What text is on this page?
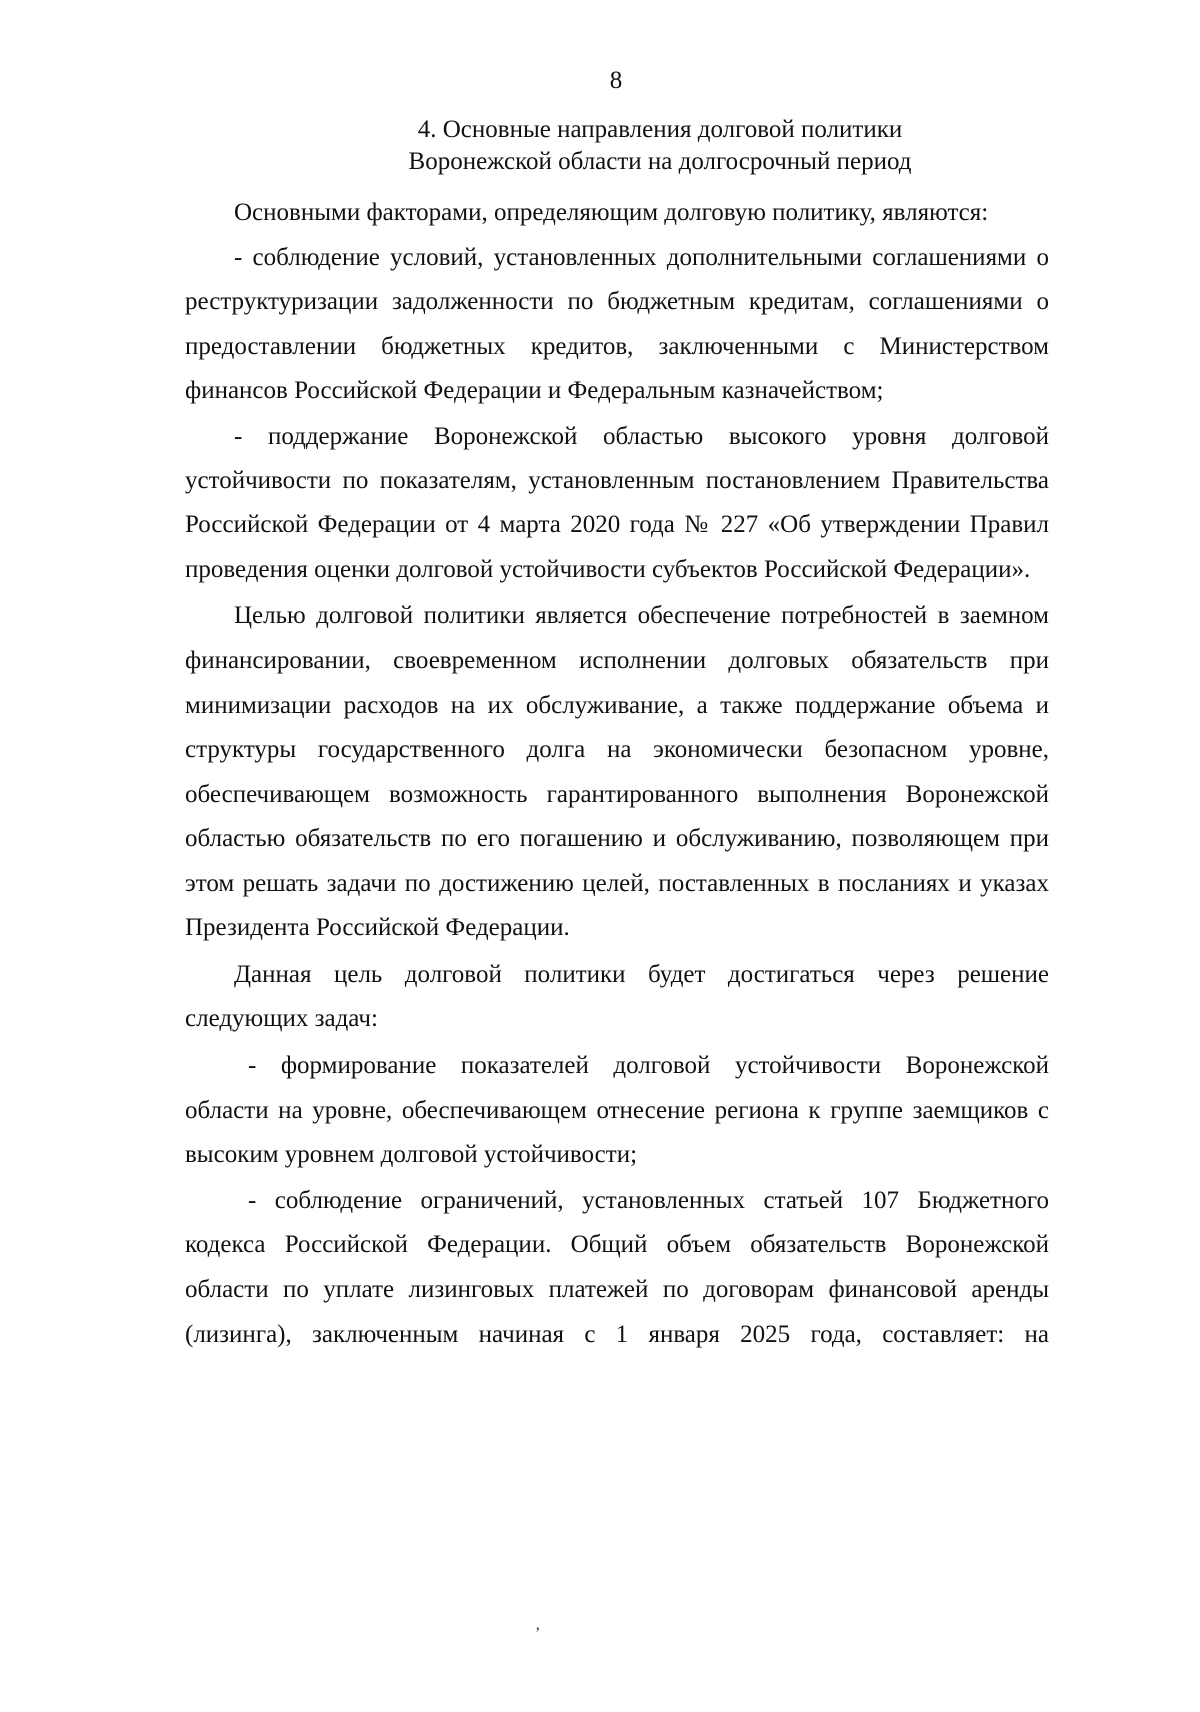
8
4. Основные направления долговой политики
Воронежской области на долгосрочный период
Основными факторами, определяющим долговую политику, являются:
- соблюдение условий, установленных дополнительными соглашениями о
реструктуризации задолженности по бюджетным кредитам, соглашениями о
предоставлении бюджетных кредитов, заключенными с Министерством
финансов Российской Федерации и Федеральным казначейством;
- поддержание Воронежской областью высокого уровня долговой
устойчивости по показателям, установленным постановлением Правительства
Российской Федерации от 4 марта 2020 года № 227 «Об утверждении Правил
проведения оценки долговой устойчивости субъектов Российской Федерации».
Целью долговой политики является обеспечение потребностей в заемном
финансировании, своевременном исполнении долговых обязательств при
минимизации расходов на их обслуживание, а также поддержание объема и
структуры государственного долга на экономически безопасном уровне,
обеспечивающем возможность гарантированного выполнения Воронежской
областью обязательств по его погашению и обслуживанию, позволяющем при
этом решать задачи по достижению целей, поставленных в посланиях и указах
Президента Российской Федерации.
Данная цель долговой политики будет достигаться через решение
следующих задач:
- формирование показателей долговой устойчивости Воронежской
области на уровне, обеспечивающем отнесение региона к группе заемщиков с
высоким уровнем долговой устойчивости;
- соблюдение ограничений, установленных статьей 107 Бюджетного
кодекса Российской Федерации. Общий объем обязательств Воронежской
области по уплате лизинговых платежей по договорам финансовой аренды
(лизинга), заключенным начиная с 1 января 2025 года, составляет: на
ʼ
